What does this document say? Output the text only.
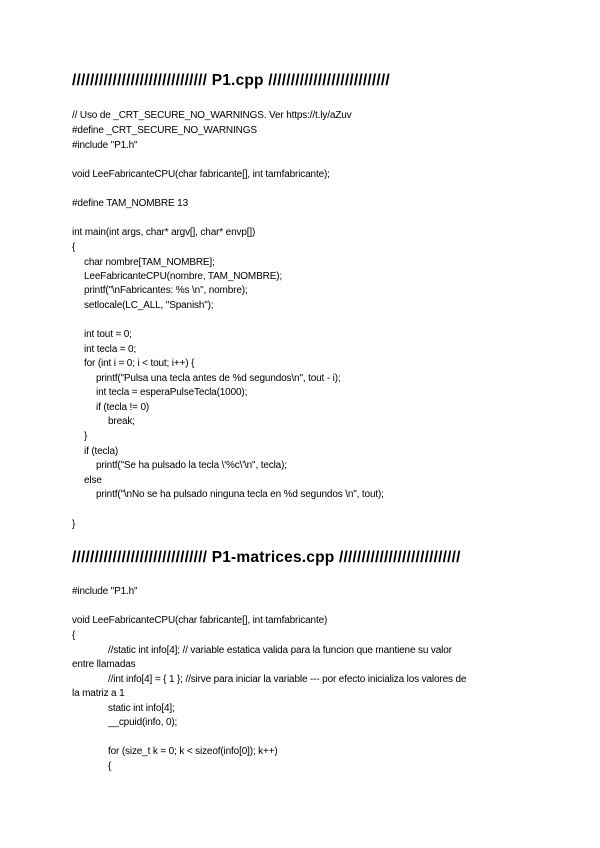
////////////////////////////// P1.cpp ///////////////////////////
// Uso de _CRT_SECURE_NO_WARNINGS. Ver https://t.ly/aZuv
#define _CRT_SECURE_NO_WARNINGS
#include "P1.h"
void LeeFabricanteCPU(char fabricante[], int tamfabricante);
#define TAM_NOMBRE 13
int main(int args, char* argv[], char* envp[])
{
char nombre[TAM_NOMBRE];
LeeFabricanteCPU(nombre, TAM_NOMBRE);
printf("\nFabricantes: %s \n", nombre);
setlocale(LC_ALL, "Spanish");
int tout = 0;
int tecla = 0;
for (int i = 0; i < tout; i++) {
printf("Pulsa una tecla antes de %d segundos\n", tout - i);
int tecla = esperaPulseTecla(1000);
if (tecla != 0)
break;
}
if (tecla)
printf("Se ha pulsado la tecla \'%c\'\n", tecla);
else
printf("\nNo se ha pulsado ninguna tecla en %d segundos \n", tout);
}
////////////////////////////// P1-matrices.cpp ///////////////////////////
#include "P1.h"
void LeeFabricanteCPU(char fabricante[], int tamfabricante)
{
//static int info[4]; // variable estatica valida para la funcion que mantiene su valor
entre llamadas
//int info[4] = { 1 }; //sirve para iniciar la variable --- por efecto inicializa los valores de
la matriz a 1
static int info[4];
__cpuid(info, 0);
for (size_t k = 0; k < sizeof(info[0]); k++)
{
